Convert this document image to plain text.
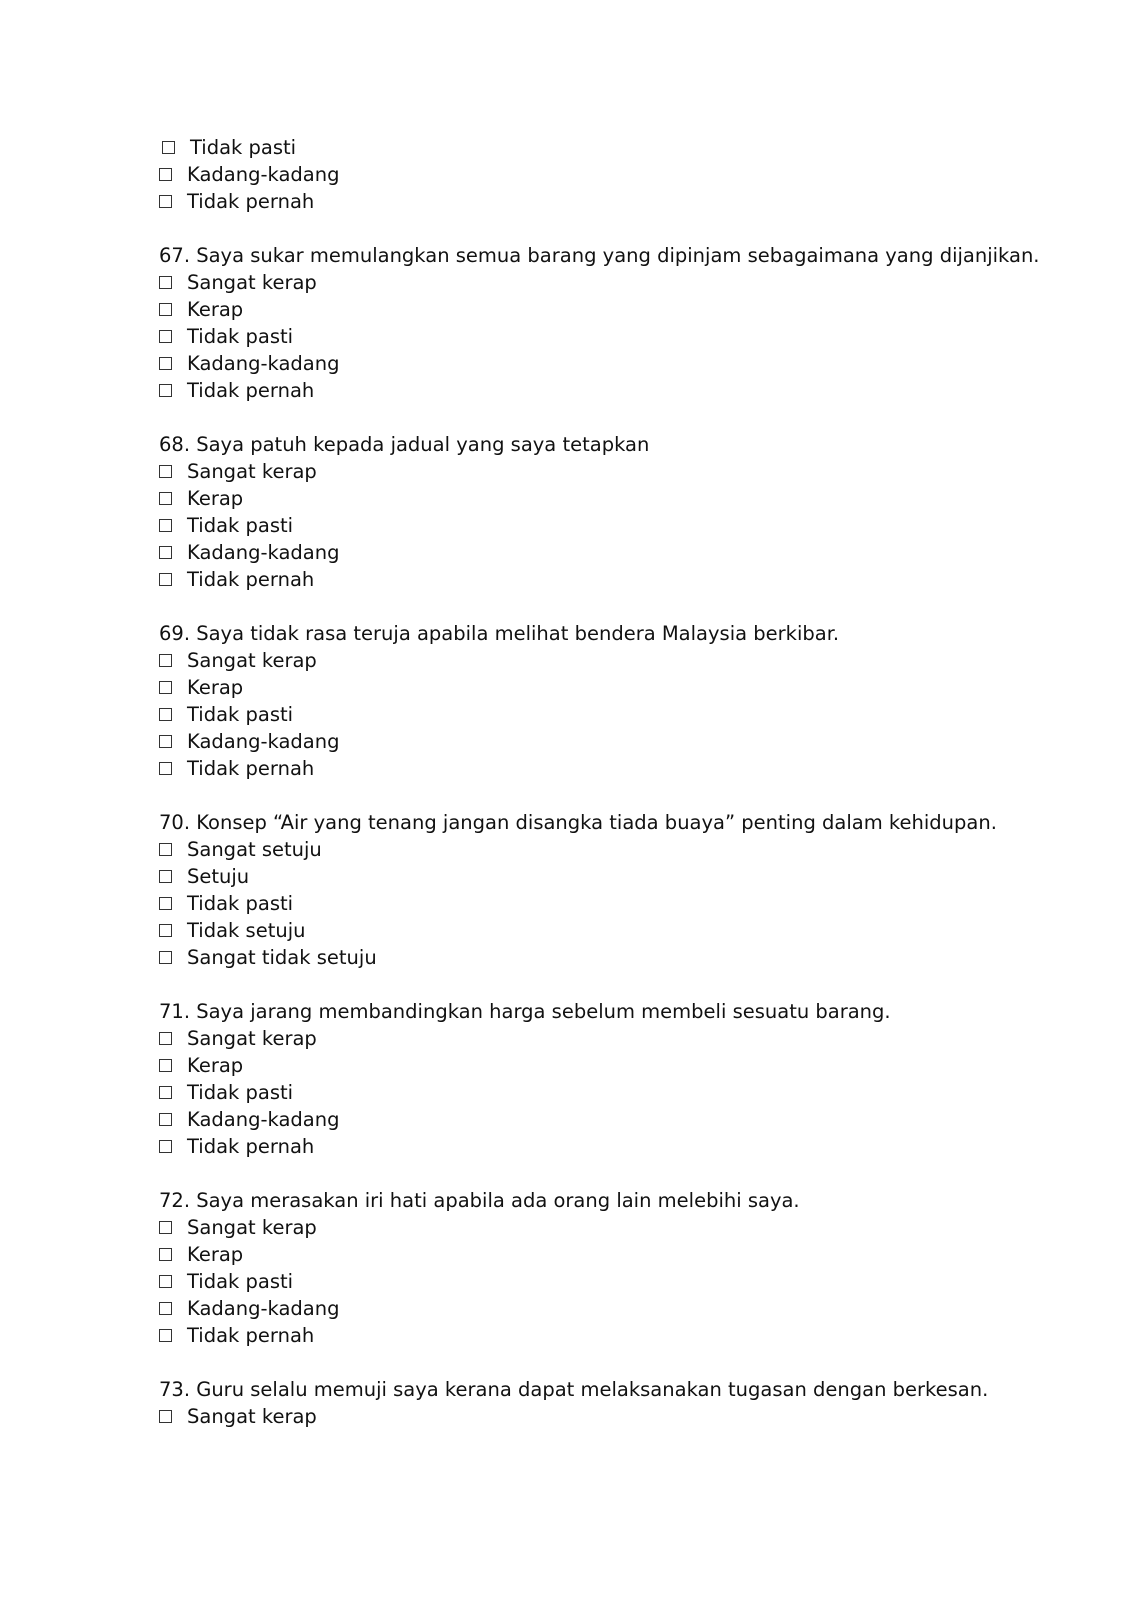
Tidak pasti
Kadang-kadang
Tidak pernah
67. Saya sukar memulangkan semua barang yang dipinjam sebagaimana yang dijanjikan.
Sangat kerap
Kerap
Tidak pasti
Kadang-kadang
Tidak pernah
68. Saya patuh kepada jadual yang saya tetapkan
Sangat kerap
Kerap
Tidak pasti
Kadang-kadang
Tidak pernah
69. Saya tidak rasa teruja apabila melihat bendera Malaysia berkibar.
Sangat kerap
Kerap
Tidak pasti
Kadang-kadang
Tidak pernah
70. Konsep “Air yang tenang jangan disangka tiada buaya” penting dalam kehidupan.
Sangat setuju
Setuju
Tidak pasti
Tidak setuju
Sangat tidak setuju
71. Saya jarang membandingkan harga sebelum membeli sesuatu barang.
Sangat kerap
Kerap
Tidak pasti
Kadang-kadang
Tidak pernah
72. Saya merasakan iri hati apabila ada orang lain melebihi saya.
Sangat kerap
Kerap
Tidak pasti
Kadang-kadang
Tidak pernah
73. Guru selalu memuji saya kerana dapat melaksanakan tugasan dengan berkesan.
Sangat kerap
